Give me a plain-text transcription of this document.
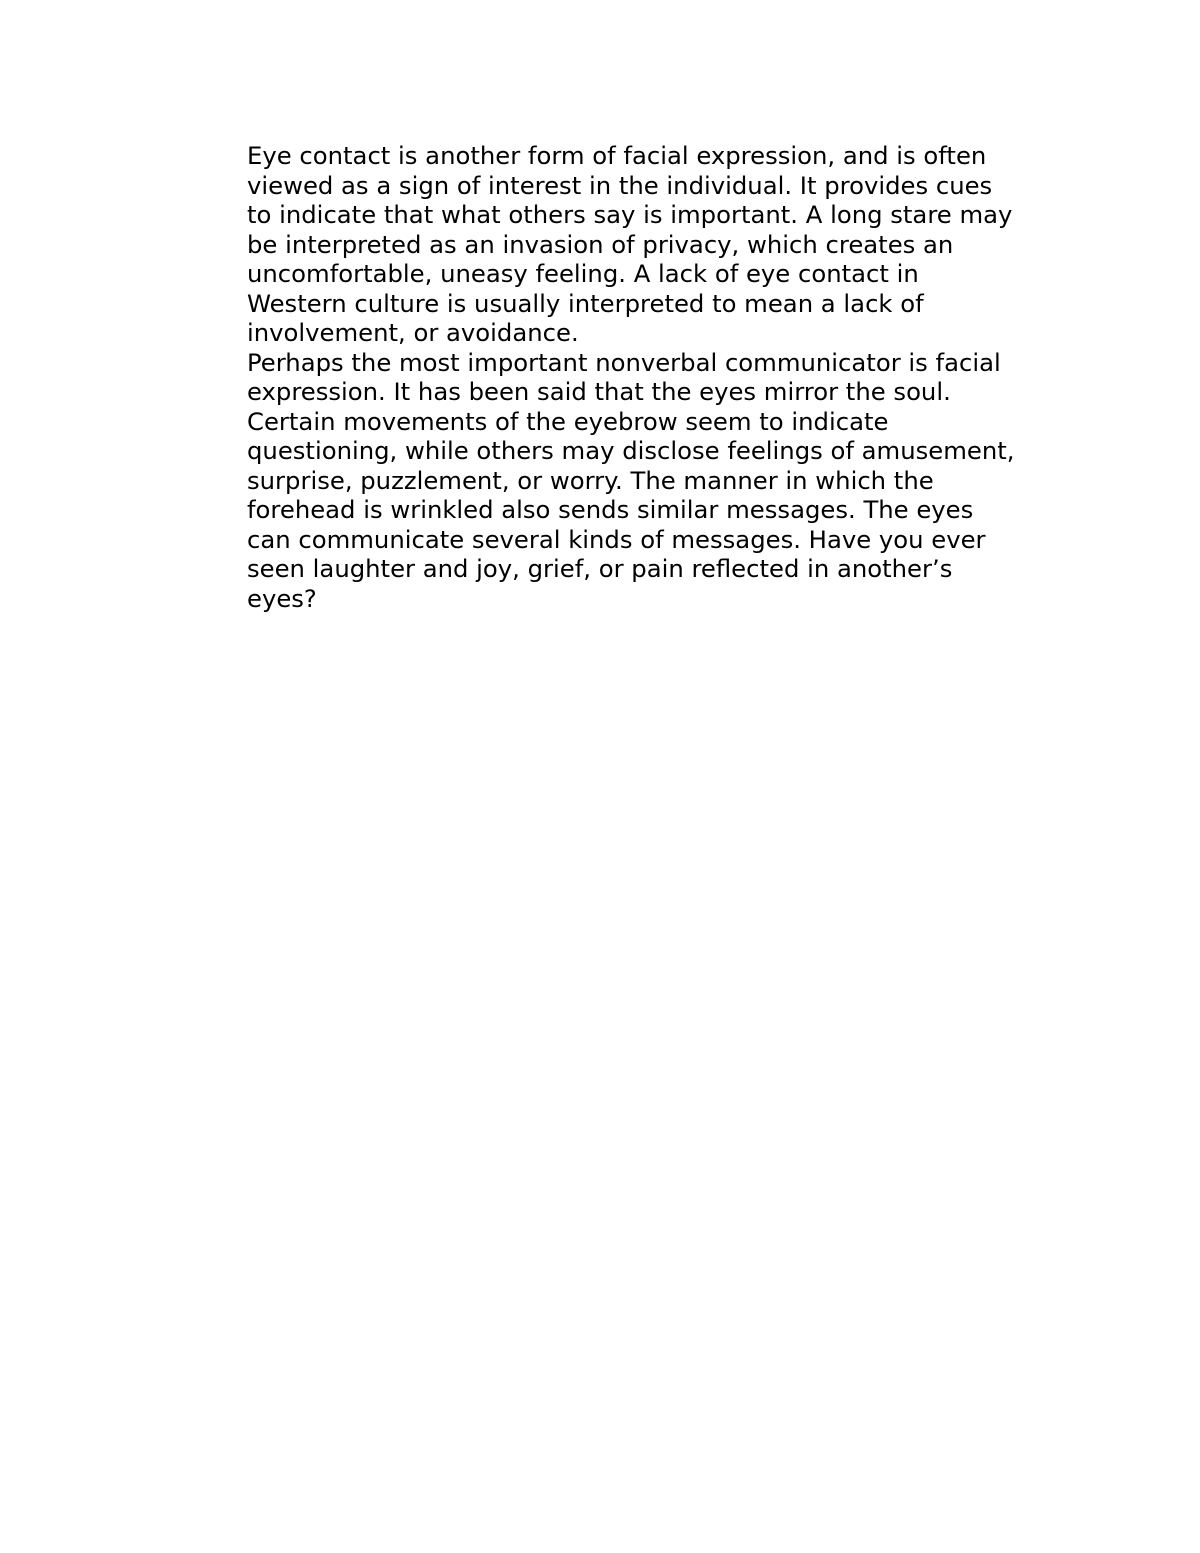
Eye contact is another form of facial expression, and is often
viewed as a sign of interest in the individual. It provides cues
to indicate that what others say is important. A long stare may
be interpreted as an invasion of privacy, which creates an
uncomfortable, uneasy feeling. A lack of eye contact in
Western culture is usually interpreted to mean a lack of
involvement, or avoidance.
Perhaps the most important nonverbal communicator is facial
expression. It has been said that the eyes mirror the soul.
Certain movements of the eyebrow seem to indicate
questioning, while others may disclose feelings of amusement,
surprise, puzzlement, or worry. The manner in which the
forehead is wrinkled also sends similar messages. The eyes
can communicate several kinds of messages. Have you ever
seen laughter and joy, grief, or pain reflected in another’s
eyes?
